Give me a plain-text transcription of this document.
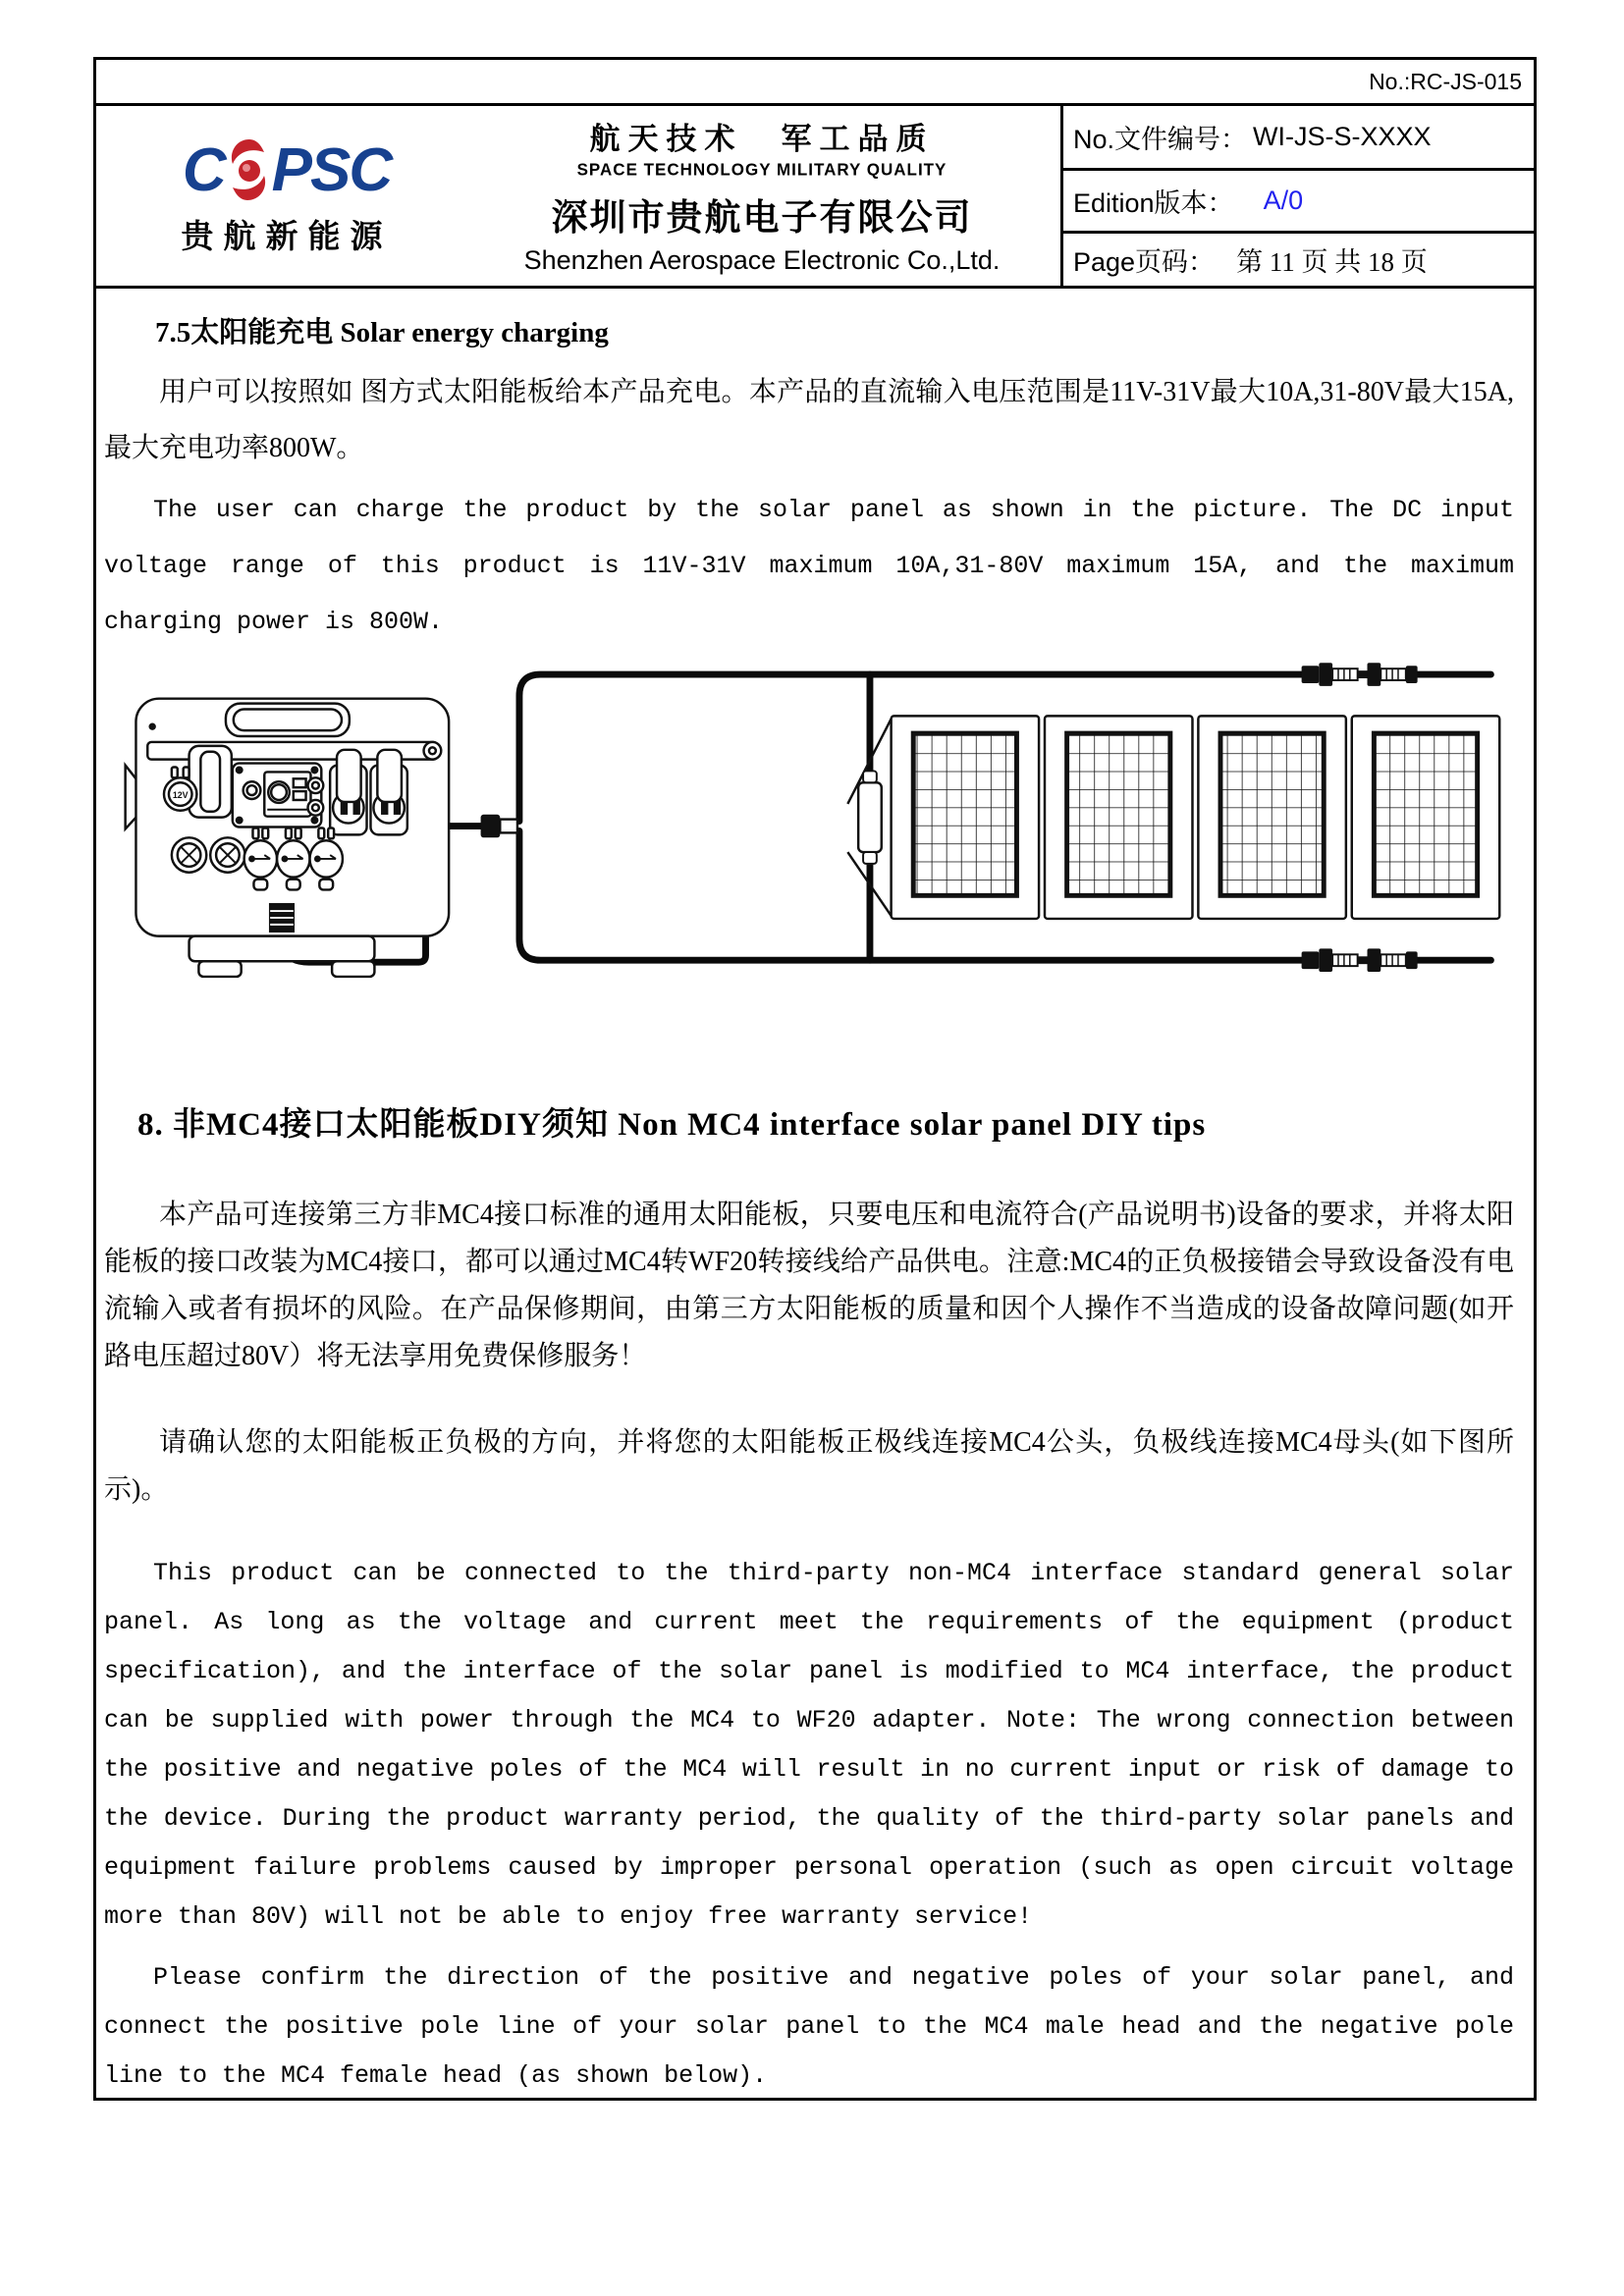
No.:RC-JS-015
C PSC
贵航新能源
航天技术　军工品质
SPACE TECHNOLOGY MILITARY QUALITY
深圳市贵航电子有限公司
Shenzhen Aerospace Electronic Co.,Ltd.
No.文件编号： WI-JS-S-XXXX
Edition版本： A/0
Page页码： 第 11 页 共 18 页
7.5太阳能充电 Solar energy charging

用户可以按照如 图方式太阳能板给本产品充电。本产品的直流输入电压范围是11V-31V最大10A,31-80V最大15A,最大充电功率800W。

The user can charge the product by the solar panel as shown in the picture. The DC input voltage range of this product is 11V-31V maximum 10A,31-80V maximum 15A, and the maximum charging power is 800W.

12V
8. 非MC4接口太阳能板DIY须知 Non MC4 interface solar panel DIY tips

本产品可连接第三方非MC4接口标准的通用太阳能板，只要电压和电流符合(产品说明书)设备的要求，并将太阳能板的接口改装为MC4接口，都可以通过MC4转WF20转接线给产品供电。注意:MC4的正负极接错会导致设备没有电流输入或者有损坏的风险。在产品保修期间，由第三方太阳能板的质量和因个人操作不当造成的设备故障问题(如开路电压超过80V）将无法享用免费保修服务！

请确认您的太阳能板正负极的方向，并将您的太阳能板正极线连接MC4公头，负极线连接MC4母头(如下图所示)。

This product can be connected to the third-party non-MC4 interface standard general solar panel. As long as the voltage and current meet the requirements of the equipment (product specification), and the interface of the solar panel is modified to MC4 interface, the product can be supplied with power through the MC4 to WF20 adapter. Note: The wrong connection between the positive and negative poles of the MC4 will result in no current input or risk of damage to the device. During the product warranty period, the quality of the third-party solar panels and equipment failure problems caused by improper personal operation (such as open circuit voltage more than 80V) will not be able to enjoy free warranty service!

Please confirm the direction of the positive and negative poles of your solar panel, and connect the positive pole line of your solar panel to the MC4 male head and the negative pole line to the MC4 female head (as shown below).
